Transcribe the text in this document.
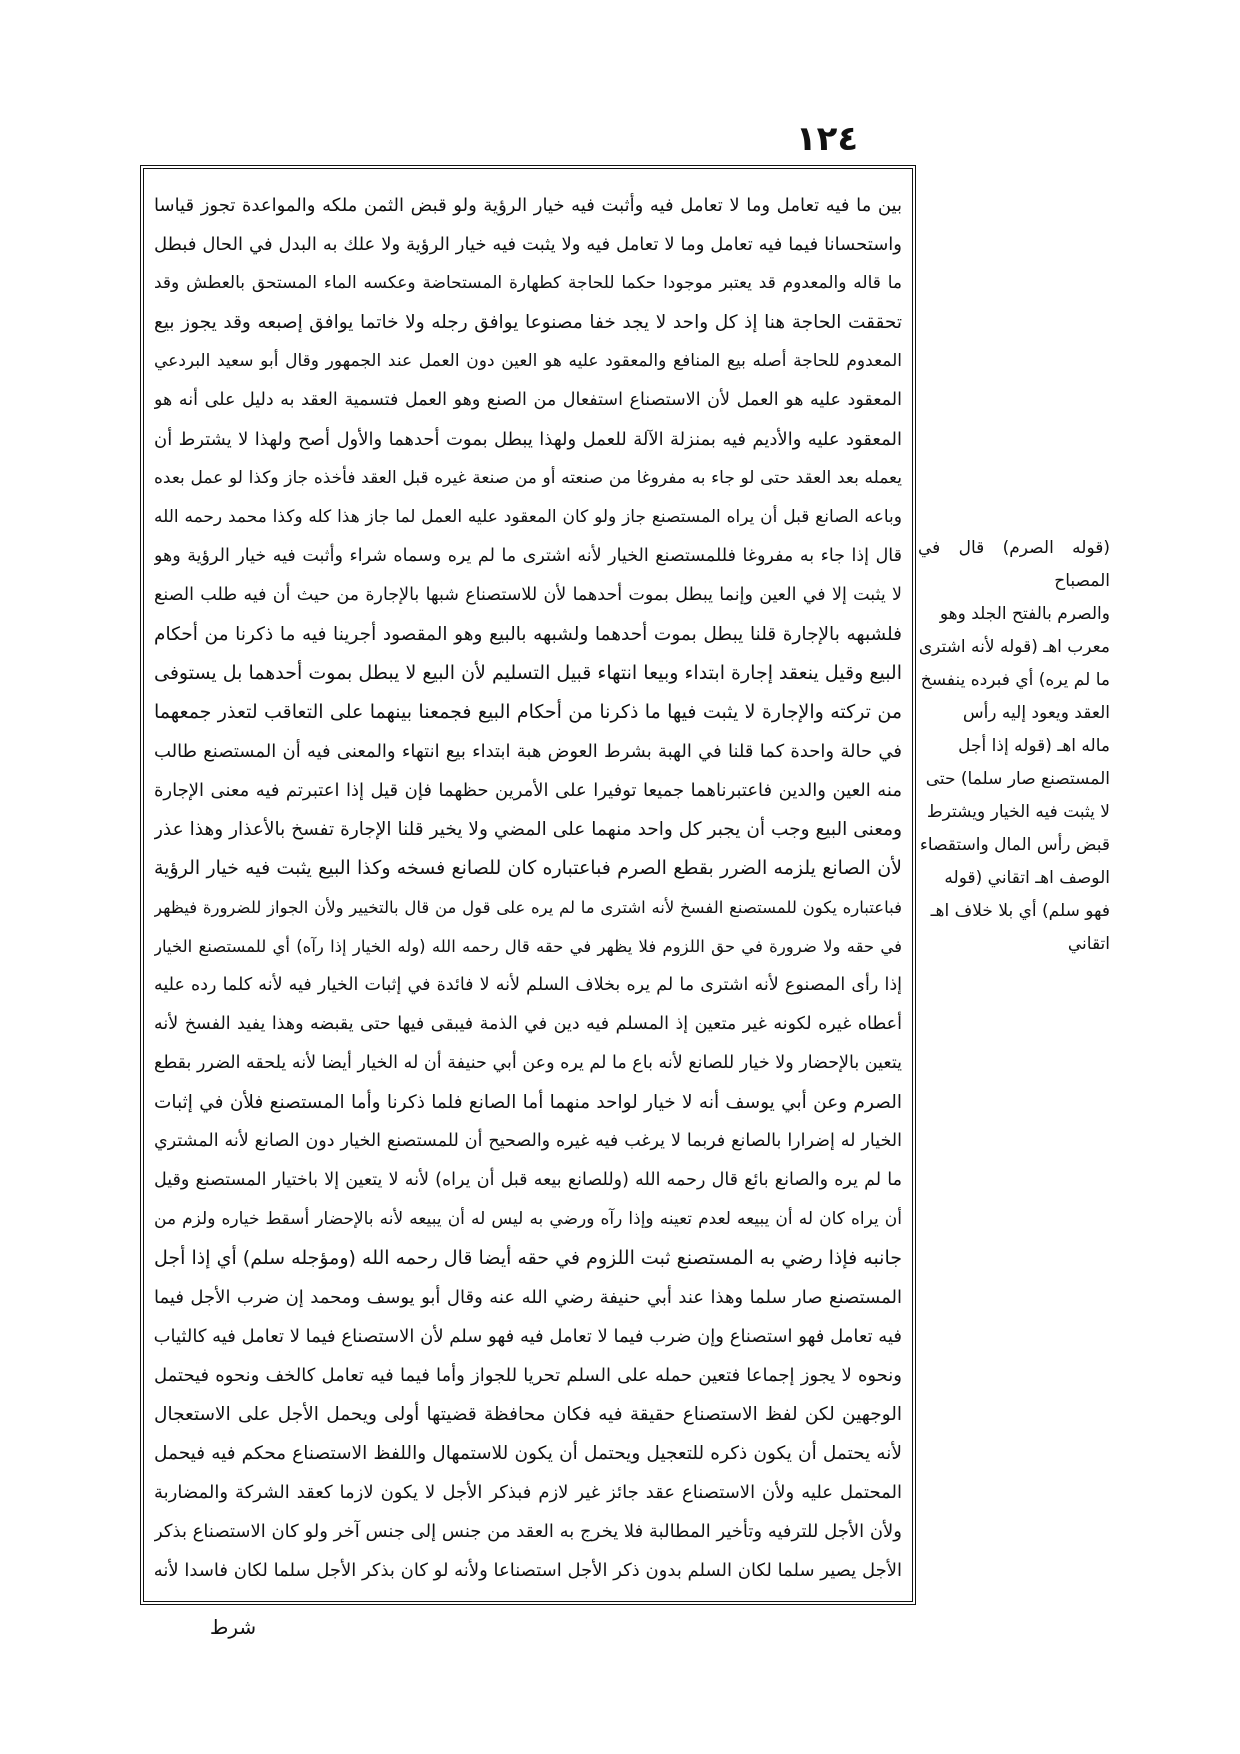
١٢٤

بين ما فيه تعامل وما لا تعامل فيه وأثبت فيه خيار الرؤية ولو قبض الثمن ملكه والمواعدة تجوز قياسا

واستحسانا فيما فيه تعامل وما لا تعامل فيه ولا يثبت فيه خيار الرؤية ولا علك به البدل في الحال فبطل

ما قاله والمعدوم قد يعتبر موجودا حكما للحاجة كطهارة المستحاضة وعكسه الماء المستحق بالعطش وقد

تحققت الحاجة هنا إذ كل واحد لا يجد خفا مصنوعا يوافق رجله ولا خاتما يوافق إصبعه وقد يجوز بيع

المعدوم للحاجة أصله بيع المنافع والمعقود عليه هو العين دون العمل عند الجمهور وقال أبو سعيد البردعي

المعقود عليه هو العمل لأن الاستصناع استفعال من الصنع وهو العمل فتسمية العقد به دليل على أنه هو

المعقود عليه والأديم فيه بمنزلة الآلة للعمل ولهذا يبطل بموت أحدهما والأول أصح ولهذا لا يشترط أن

يعمله بعد العقد حتى لو جاء به مفروغا من صنعته أو من صنعة غيره قبل العقد فأخذه جاز وكذا لو عمل بعده

وباعه الصانع قبل أن يراه المستصنع جاز ولو كان المعقود عليه العمل لما جاز هذا كله وكذا محمد رحمه الله

قال إذا جاء به مفروغا فللمستصنع الخيار لأنه اشترى ما لم يره وسماه شراء وأثبت فيه خيار الرؤية وهو

لا يثبت إلا في العين وإنما يبطل بموت أحدهما لأن للاستصناع شبها بالإجارة من حيث أن فيه طلب الصنع

فلشبهه بالإجارة قلنا يبطل بموت أحدهما ولشبهه بالبيع وهو المقصود أجرينا فيه ما ذكرنا من أحكام

البيع وقيل ينعقد إجارة ابتداء وبيعا انتهاء قبيل التسليم لأن البيع لا يبطل بموت أحدهما بل يستوفى

من تركته والإجارة لا يثبت فيها ما ذكرنا من أحكام البيع فجمعنا بينهما على التعاقب لتعذر جمعهما

في حالة واحدة كما قلنا في الهبة بشرط العوض هبة ابتداء بيع انتهاء والمعنى فيه أن المستصنع طالب

منه العين والدين فاعتبرناهما جميعا توفيرا على الأمرين حظهما فإن قيل إذا اعتبرتم فيه معنى الإجارة

ومعنى البيع وجب أن يجبر كل واحد منهما على المضي ولا يخير قلنا الإجارة تفسخ بالأعذار وهذا عذر

لأن الصانع يلزمه الضرر بقطع الصرم فباعتباره كان للصانع فسخه وكذا البيع يثبت فيه خيار الرؤية

فباعتباره يكون للمستصنع الفسخ لأنه اشترى ما لم يره على قول من قال بالتخيير ولأن الجواز للضرورة فيظهر

في حقه ولا ضرورة في حق اللزوم فلا يظهر في حقه قال رحمه الله (وله الخيار إذا رآه) أي للمستصنع الخيار

إذا رأى المصنوع لأنه اشترى ما لم يره بخلاف السلم لأنه لا فائدة في إثبات الخيار فيه لأنه كلما رده عليه

أعطاه غيره لكونه غير متعين إذ المسلم فيه دين في الذمة فيبقى فيها حتى يقبضه وهذا يفيد الفسخ لأنه

يتعين بالإحضار ولا خيار للصانع لأنه باع ما لم يره وعن أبي حنيفة أن له الخيار أيضا لأنه يلحقه الضرر بقطع

الصرم وعن أبي يوسف أنه لا خيار لواحد منهما أما الصانع فلما ذكرنا وأما المستصنع فلأن في إثبات

الخيار له إضرارا بالصانع فربما لا يرغب فيه غيره والصحيح أن للمستصنع الخيار دون الصانع لأنه المشتري

ما لم يره والصانع بائع قال رحمه الله (وللصانع بيعه قبل أن يراه) لأنه لا يتعين إلا باختيار المستصنع وقيل

أن يراه كان له أن يبيعه لعدم تعينه وإذا رآه ورضي به ليس له أن يبيعه لأنه بالإحضار أسقط خياره ولزم من

جانبه فإذا رضي به المستصنع ثبت اللزوم في حقه أيضا قال رحمه الله (ومؤجله سلم) أي إذا أجل

المستصنع صار سلما وهذا عند أبي حنيفة رضي الله عنه وقال أبو يوسف ومحمد إن ضرب الأجل فيما

فيه تعامل فهو استصناع وإن ضرب فيما لا تعامل فيه فهو سلم لأن الاستصناع فيما لا تعامل فيه كالثياب

ونحوه لا يجوز إجماعا فتعين حمله على السلم تحريا للجواز وأما فيما فيه تعامل كالخف ونحوه فيحتمل

الوجهين لكن لفظ الاستصناع حقيقة فيه فكان محافظة قضيتها أولى ويحمل الأجل على الاستعجال

لأنه يحتمل أن يكون ذكره للتعجيل ويحتمل أن يكون للاستمهال واللفظ الاستصناع محكم فيه فيحمل

المحتمل عليه ولأن الاستصناع عقد جائز غير لازم فبذكر الأجل لا يكون لازما كعقد الشركة والمضاربة

ولأن الأجل للترفيه وتأخير المطالبة فلا يخرج به العقد من جنس إلى جنس آخر ولو كان الاستصناع بذكر

الأجل يصير سلما لكان السلم بدون ذكر الأجل استصناعا ولأنه لو كان بذكر الأجل سلما لكان فاسدا لأنه

(قوله الصرم) قال في المصباح

والصرم بالفتح الجلد وهو

معرب اهـ (قوله لأنه اشترى

ما لم يره) أي فبرده ينفسخ

العقد ويعود إليه رأس

ماله اهـ (قوله إذا أجل

المستصنع صار سلما) حتى

لا يثبت فيه الخيار ويشترط

قبض رأس المال واستقصاء

الوصف اهـ اتقاني (قوله

فهو سلم) أي بلا خلاف اهـ

اتقاني

شرط
